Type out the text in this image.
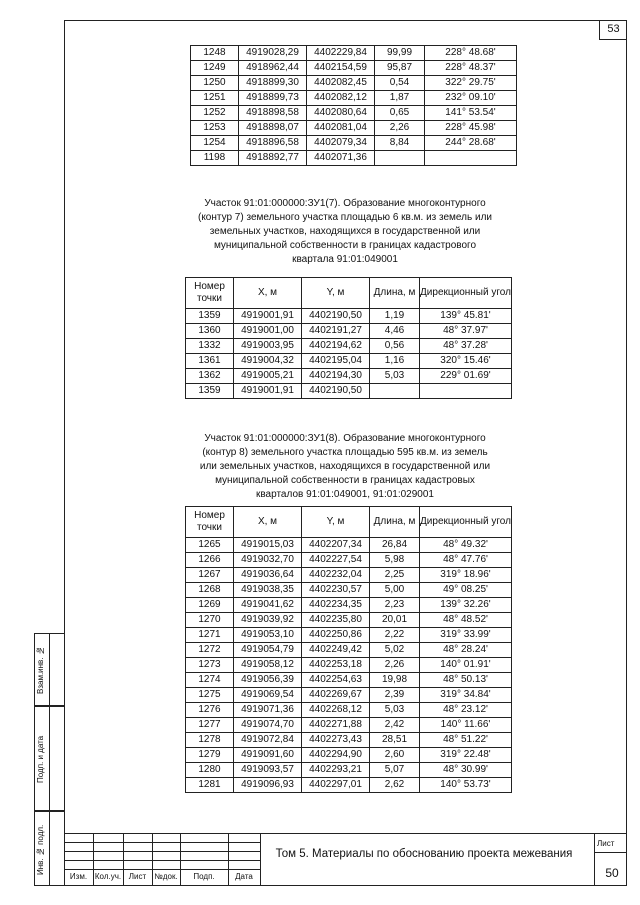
53
Взам.инв. №
Подп. и дата
Инв. № подл.
1248	4919028,29	4402229,84	99,99	228° 48.68'
1249	4918962,44	4402154,59	95,87	228° 48.37'
1250	4918899,30	4402082,45	0,54	322° 29.75'
1251	4918899,73	4402082,12	1,87	232° 09.10'
1252	4918898,58	4402080,64	0,65	141° 53.54'
1253	4918898,07	4402081,04	2,26	228° 45.98'
1254	4918896,58	4402079,34	8,84	244° 28.68'
1198	4918892,77	4402071,36		
Участок 91:01:000000:ЗУ1(7). Образование многоконтурного
(контур 7) земельного участка площадью 6 кв.м. из земель или
земельных участков, находящихся в государственной или
муниципальной собственности в границах кадастрового
квартала 91:01:049001
Номер точки	X, м	Y, м	Длина, м	Дирекционный угол
1359	4919001,91	4402190,50	1,19	139° 45.81'
1360	4919001,00	4402191,27	4,46	48° 37.97'
1332	4919003,95	4402194,62	0,56	48° 37.28'
1361	4919004,32	4402195,04	1,16	320° 15.46'
1362	4919005,21	4402194,30	5,03	229° 01.69'
1359	4919001,91	4402190,50		
Участок 91:01:000000:ЗУ1(8). Образование многоконтурного
(контур 8) земельного участка площадью 595 кв.м. из земель
или земельных участков, находящихся в государственной или
муниципальной собственности в границах кадастровых
кварталов 91:01:049001, 91:01:029001
Номер точки	X, м	Y, м	Длина, м	Дирекционный угол
1265	4919015,03	4402207,34	26,84	48° 49.32'
1266	4919032,70	4402227,54	5,98	48° 47.76'
1267	4919036,64	4402232,04	2,25	319° 18.96'
1268	4919038,35	4402230,57	5,00	49° 08.25'
1269	4919041,62	4402234,35	2,23	139° 32.26'
1270	4919039,92	4402235,80	20,01	48° 48.52'
1271	4919053,10	4402250,86	2,22	319° 33.99'
1272	4919054,79	4402249,42	5,02	48° 28.24'
1273	4919058,12	4402253,18	2,26	140° 01.91'
1274	4919056,39	4402254,63	19,98	48° 50.13'
1275	4919069,54	4402269,67	2,39	319° 34.84'
1276	4919071,36	4402268,12	5,03	48° 23.12'
1277	4919074,70	4402271,88	2,42	140° 11.66'
1278	4919072,84	4402273,43	28,51	48° 51.22'
1279	4919091,60	4402294,90	2,60	319° 22.48'
1280	4919093,57	4402293,21	5,07	48° 30.99'
1281	4919096,93	4402297,01	2,62	140° 53.73'
Изм. Кол.уч. Лист	№док.	Подп.	Дата
Том 5. Материалы по обоснованию проекта межевания
Лист
50
